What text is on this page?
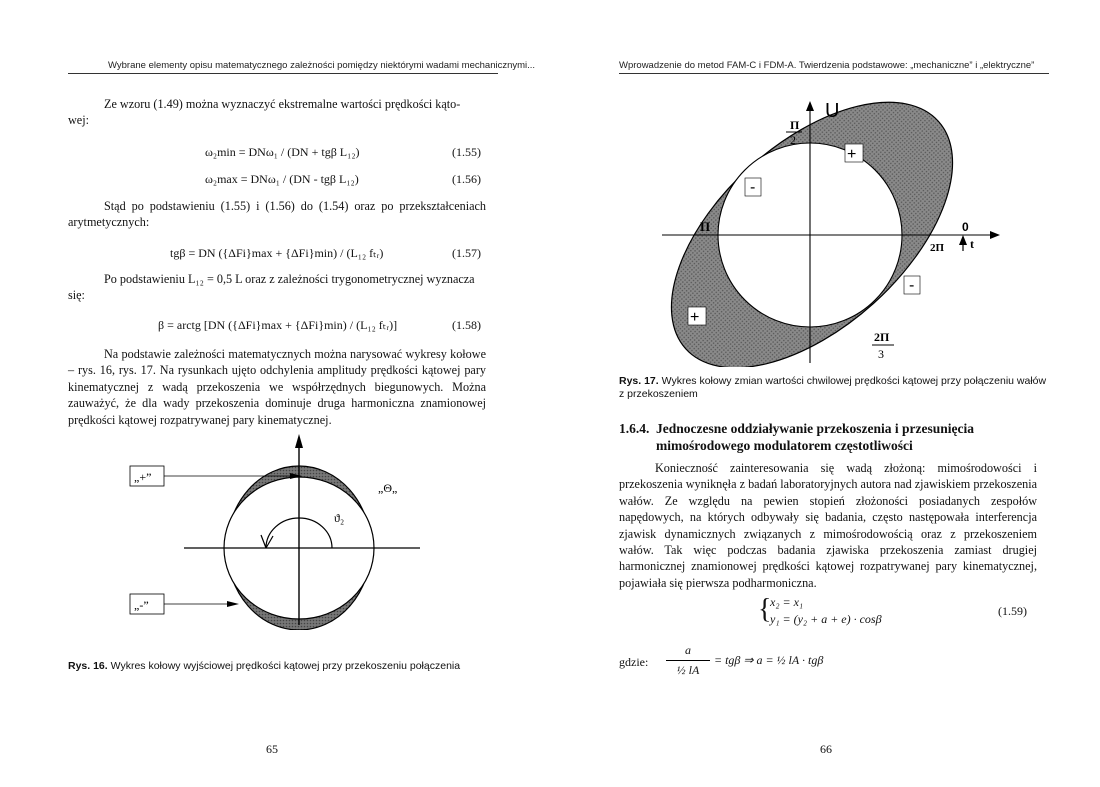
Wybrane elementy opisu matematycznego zależności pomiędzy niektórymi wadami mechanicznymi...
Ze wzoru (1.49) można wyznaczyć ekstremalne wartości prędkości kąto-
wej:
ω₂min = DNω₁ / (DN + tgβ L₁₂)	(1.55)
ω₂max = DNω₁ / (DN - tgβ L₁₂)	(1.56)
Stąd po podstawieniu (1.55) i (1.56) do (1.54) oraz po przekształceniach arytmetycznych:
tgβ = DN ({ΔFi}max + {ΔFi}min) / (L₁₂ fₜᵣ)	(1.57)
Po podstawieniu L₁₂ = 0,5 L oraz z zależności trygonometrycznej wyznacza
się:
β = arctg [DN ({ΔFi}max + {ΔFi}min) / (L₁₂ fₜᵣ)]	(1.58)
Na podstawie zależności matematycznych można narysować wykresy kołowe – rys. 16, rys. 17. Na rysunkach ujęto odchylenia amplitudy prędkości kątowej pary kinematycznej z wadą przekoszenia we współrzędnych biegunowych. Można zauważyć, że dla wady przekoszenia dominuje druga harmoniczna znamionowej prędkości kątowej rozpatrywanej pary kinematycznej.
ϑ₂
„+”
„-”
„Θ„
Rys. 16. Wykres kołowy wyjściowej prędkości kątowej przy przekoszeniu połączenia
65
Wprowadzenie do metod FAM-C i FDM-A. Twierdzenia podstawowe: „mechaniczne” i „elektryczne”
U
Π
2
Π	0
2Π t
2Π
3
+
-
+
-
Rys. 17. Wykres kołowy zmian wartości chwilowej prędkości kątowej przy połączeniu wałów z przekoszeniem
1.6.4. Jednoczesne oddziaływanie przekoszenia i przesunięcia
mimośrodowego modulatorem częstotliwości
Konieczność zainteresowania się wadą złożoną: mimośrodowości i przekoszenia wyniknęła z badań laboratoryjnych autora nad zjawiskiem przekoszenia wałów. Ze względu na pewien stopień złożoności posiadanych zespołów napędowych, na których odbywały się badania, często następowała interferencja zjawisk dynamicznych związanych z mimośrodowością oraz z przekoszeniem wałów. Tak więc podczas badania zjawiska przekoszenia zamiast drugiej harmonicznej znamionowej prędkości kątowej rozpatrywanej pary kinematycznej, pojawiała się pierwsza podharmoniczna.
{
x₂ = x₁
y₁ = (y₂ + a + e) · cosβ
(1.59)
gdzie:
a
½ lA
= tgβ ⇒ a = ½ lA · tgβ
66
